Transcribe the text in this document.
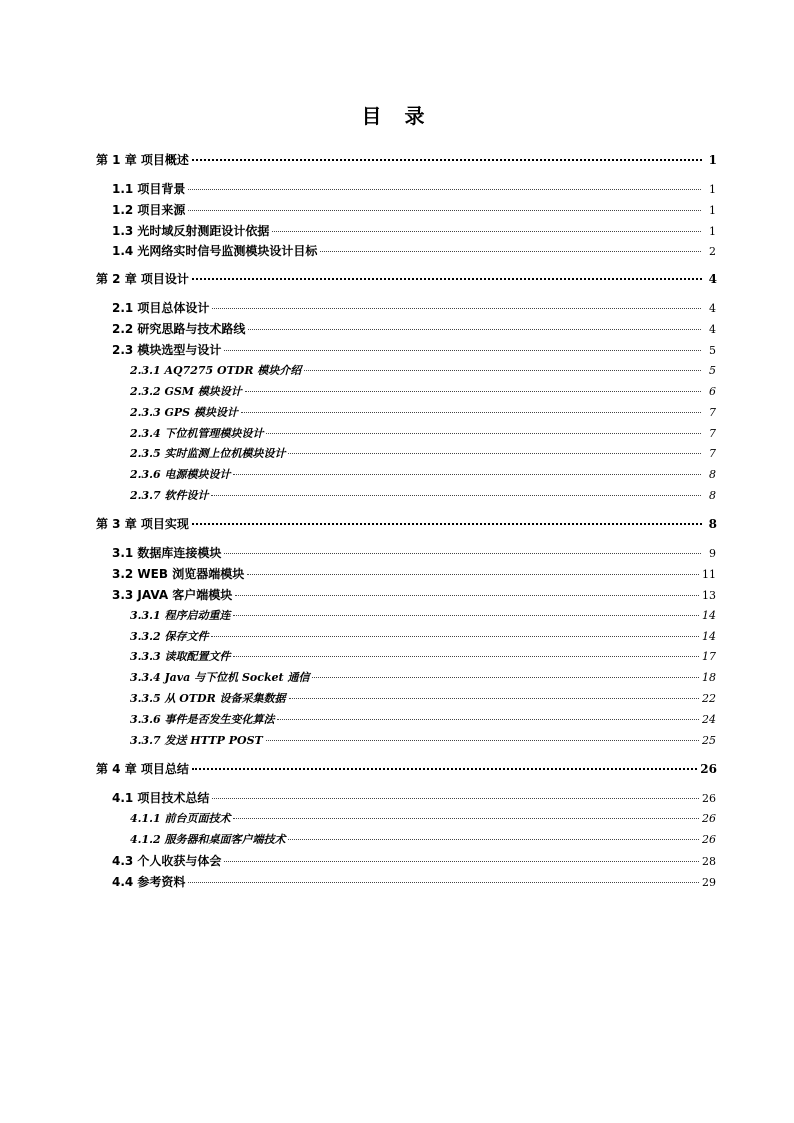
目 录
第 1 章 项目概述	1
1.1 项目背景	1
1.2 项目来源	1
1.3 光时域反射测距设计依据	1
1.4 光网络实时信号监测模块设计目标	2
第 2 章 项目设计	4
2.1 项目总体设计	4
2.2 研究思路与技术路线	4
2.3 模块选型与设计	5
2.3.1 AQ7275 OTDR 模块介绍	5
2.3.2 GSM 模块设计	6
2.3.3 GPS 模块设计	7
2.3.4 下位机管理模块设计	7
2.3.5 实时监测上位机模块设计	7
2.3.6 电源模块设计	8
2.3.7 软件设计	8
第 3 章 项目实现	8
3.1 数据库连接模块	9
3.2 WEB 浏览器端模块	11
3.3 JAVA 客户端模块	13
3.3.1 程序启动重连	14
3.3.2 保存文件	14
3.3.3 读取配置文件	17
3.3.4 Java 与下位机 Socket 通信	18
3.3.5 从 OTDR 设备采集数据	22
3.3.6 事件是否发生变化算法	24
3.3.7 发送 HTTP POST	25
第 4 章 项目总结	26
4.1 项目技术总结	26
4.1.1 前台页面技术	26
4.1.2 服务器和桌面客户端技术	26
4.3 个人收获与体会	28
4.4 参考资料	29
